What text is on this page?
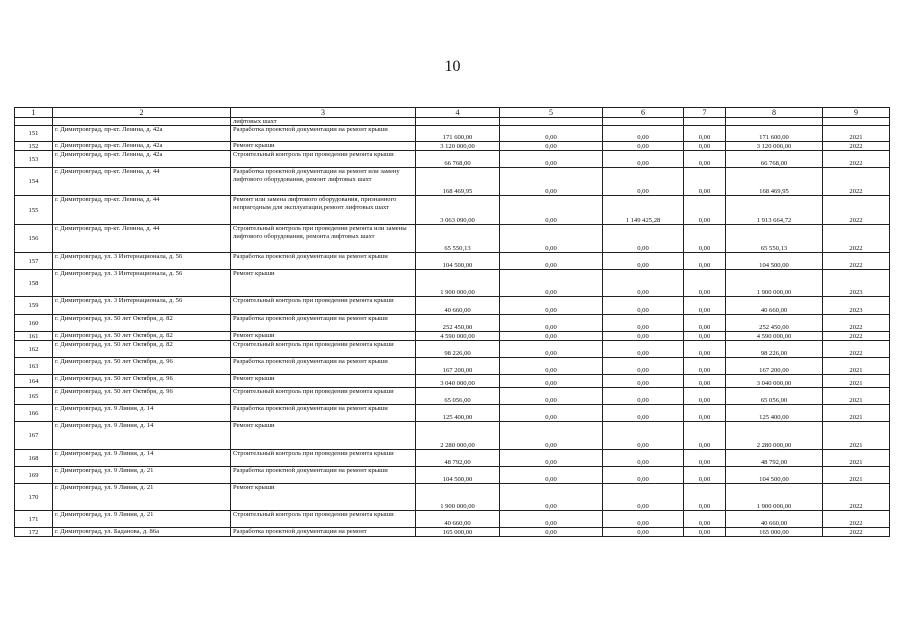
10
1	2	3	4	5	6	7	8	9
		лифтовых шахт						
151	г. Димитровград, пр-кт. Ленина, д. 42а	Разработка проектной документации на ремонт крыши	171 600,00	0,00	0,00	0,00	171 600,00	2021
152	г. Димитровград, пр-кт. Ленина, д. 42а	Ремонт крыши	3 120 000,00	0,00	0,00	0,00	3 120 000,00	2022
153	г. Димитровград, пр-кт. Ленина, д. 42а	Строительный контроль при проведении ремонта крыши	66 768,00	0,00	0,00	0,00	66 768,00	2022
154	г. Димитровград, пр-кт. Ленина, д. 44	Разработка проектной документации на ремонт или замену лифтового оборудования, ремонт лифтовых шахт	168 469,95	0,00	0,00	0,00	168 469,95	2022
155	г. Димитровград, пр-кт. Ленина, д. 44	Ремонт или замена лифтового оборудования, признанного непригодным для эксплуатации,ремонт лифтовых шахт	3 063 090,00	0,00	1 149 425,28	0,00	1 913 664,72	2022
156	г. Димитровград, пр-кт. Ленина, д. 44	Строительный контроль при проведении ремонта или замены лифтового оборудования, ремонта лифтовых шахт	65 550,13	0,00	0,00	0,00	65 550,13	2022
157	г. Димитровград, ул. 3 Интернационала, д. 56	Разработка проектной документации на ремонт крыши	104 500,00	0,00	0,00	0,00	104 500,00	2022
158	г. Димитровград, ул. 3 Интернационала, д. 56	Ремонт крыши	1 900 000,00	0,00	0,00	0,00	1 900 000,00	2023
159	г. Димитровград, ул. 3 Интернационала, д. 56	Строительный контроль при проведении ремонта крыши	40 660,00	0,00	0,00	0,00	40 660,00	2023
160	г. Димитровград, ул. 50 лет Октября, д. 82	Разработка проектной документации на ремонт крыши	252 450,00	0,00	0,00	0,00	252 450,00	2022
161	г. Димитровград, ул. 50 лет Октября, д. 82	Ремонт крыши	4 590 000,00	0,00	0,00	0,00	4 590 000,00	2022
162	г. Димитровград, ул. 50 лет Октября, д. 82	Строительный контроль при проведении ремонта крыши	98 226,00	0,00	0,00	0,00	98 226,00	2022
163	г. Димитровград, ул. 50 лет Октября, д. 96	Разработка проектной документации на ремонт крыши	167 200,00	0,00	0,00	0,00	167 200,00	2021
164	г. Димитровград, ул. 50 лет Октября, д. 96	Ремонт крыши	3 040 000,00	0,00	0,00	0,00	3 040 000,00	2021
165	г. Димитровград, ул. 50 лет Октября, д. 96	Строительный контроль при проведении ремонта крыши	65 056,00	0,00	0,00	0,00	65 056,00	2021
166	г. Димитровград, ул. 9 Линия, д. 14	Разработка проектной документации на ремонт крыши	125 400,00	0,00	0,00	0,00	125 400,00	2021
167	г. Димитровград, ул. 9 Линия, д. 14	Ремонт крыши	2 280 000,00	0,00	0,00	0,00	2 280 000,00	2021
168	г. Димитровград, ул. 9 Линия, д. 14	Строительный контроль при проведении ремонта крыши	48 792,00	0,00	0,00	0,00	48 792,00	2021
169	г. Димитровград, ул. 9 Линия, д. 21	Разработка проектной документации на ремонт крыши	104 500,00	0,00	0,00	0,00	104 500,00	2021
170	г. Димитровград, ул. 9 Линия, д. 21	Ремонт крыши	1 900 000,00	0,00	0,00	0,00	1 900 000,00	2022
171	г. Димитровград, ул. 9 Линия, д. 21	Строительный контроль при проведении ремонта крыши	40 660,00	0,00	0,00	0,00	40 660,00	2022
172	г. Димитровград, ул. Баданова, д. 86а	Разработка проектной документации на ремонт	165 000,00	0,00	0,00	0,00	165 000,00	2022
